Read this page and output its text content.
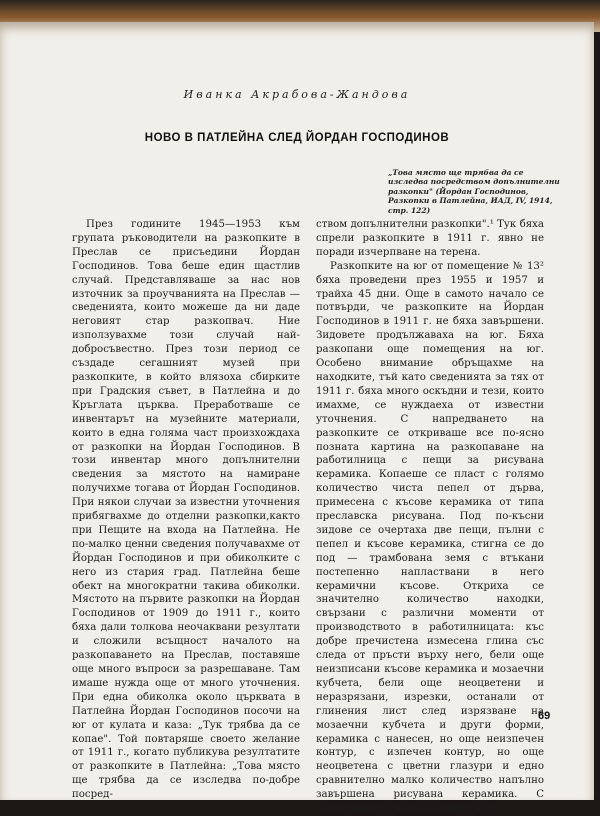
Иванка Акрабова-Жандова
НОВО В ПАТЛЕЙНА СЛЕД ЙОРДАН ГОСПОДИНОВ
„Това място ще трябва да се изследва посредством допълнителни разкопки" (Йордан Господинов, Разкопки в Патлейна, ИАД, IV, 1914, стр. 122)

През годините 1945—1953 към групата ръководители на разкопките в Преслав се присъедини Йордан Господинов. Това беше един щастлив случай. Представляваше за нас нов източник за проучванията на Преслав — сведенията, които можеше да ни даде неговият стар разкопвач. Ние използувахме този случай най-добросъвестно. През този период се създаде сегашният музей при разкопките, в който влязоха сбирките при Градския съвет, в Патлейна и до Кръглата църква. Преработваше се инвентарът на музейните материали, които в една голяма част произхождаха от разкопки на Йордан Господинов. В този инвентар много допълнителни сведения за мястото на намиране получихме тогава от Йордан Господинов. При някои случаи за известни уточнения прибягвахме до отделни разкопки,както при Пещите на входа на Патлейна. Не по-малко ценни сведения получавахме от Йордан Господинов и при обиколките с него из стария град. Патлейна беше обект на многократни такива обиколки. Мястото на първите разкопки на Йордан Господинов от 1909 до 1911 г., които бяха дали толкова неочаквани резултати и сложили всъщност началото на разкопаването на Преслав, поставяше още много въпроси за разрешаване. Там имаше нужда още от много уточнения. При една обиколка около църквата в Патлейна Йордан Господинов посочи на юг от кулата и каза: „Тук трябва да се копае". Той повтаряше своето желание от 1911 г., когато публикува резултатите от разкопките в Патлейна: „Това място ще трябва да се изследва по-добре посред-

ством допълнителни разкопки".¹ Тук бяха спрели разкопките в 1911 г. явно не поради изчерпване на терена.

Разкопките на юг от помещение № 13² бяха проведени през 1955 и 1957 и трайха 45 дни. Още в самото начало се потвърди, че разкопките на Йордан Господинов в 1911 г. не бяха завършени. Зидовете продължаваха на юг. Бяха разкопани още помещения на юг. Особено внимание обръщахме на находките, тъй като сведенията за тях от 1911 г. бяха много оскъдни и тези, които имахме, се нуждаеха от известни уточнения. С напредването на разкопките се откриваше все по-ясно позната картина на разкопаване на работилница с пещи за рисувана керамика. Копаеше се пласт с голямо количество чиста пепел от дърва, примесена с късове керамика от типа преславска рисувана. Под по-късни зидове се очертаха две пещи, пълни с пепел и късове керамика, стигна се до под — трамбована земя с втъкани постепенно напластвани в него керамични късове. Откриха се значително количество находки, свързани с различни моменти от производството в работилницата: къс добре пречистена измесена глина със следа от пръсти върху него, бели още неизписани късове керамика и мозаечни кубчета, бели още неоцветени и неразрязани, изрезки, останали от глинения лист след изрязване на мозаечни кубчета и други форми, керамика с нанесен, но още неизпечен контур, с изпечен контур, но още неоцветена с цветни глазури и едно сравнително малко количество напълно завършена рисувана керамика. С напредването на разкопките все

69
